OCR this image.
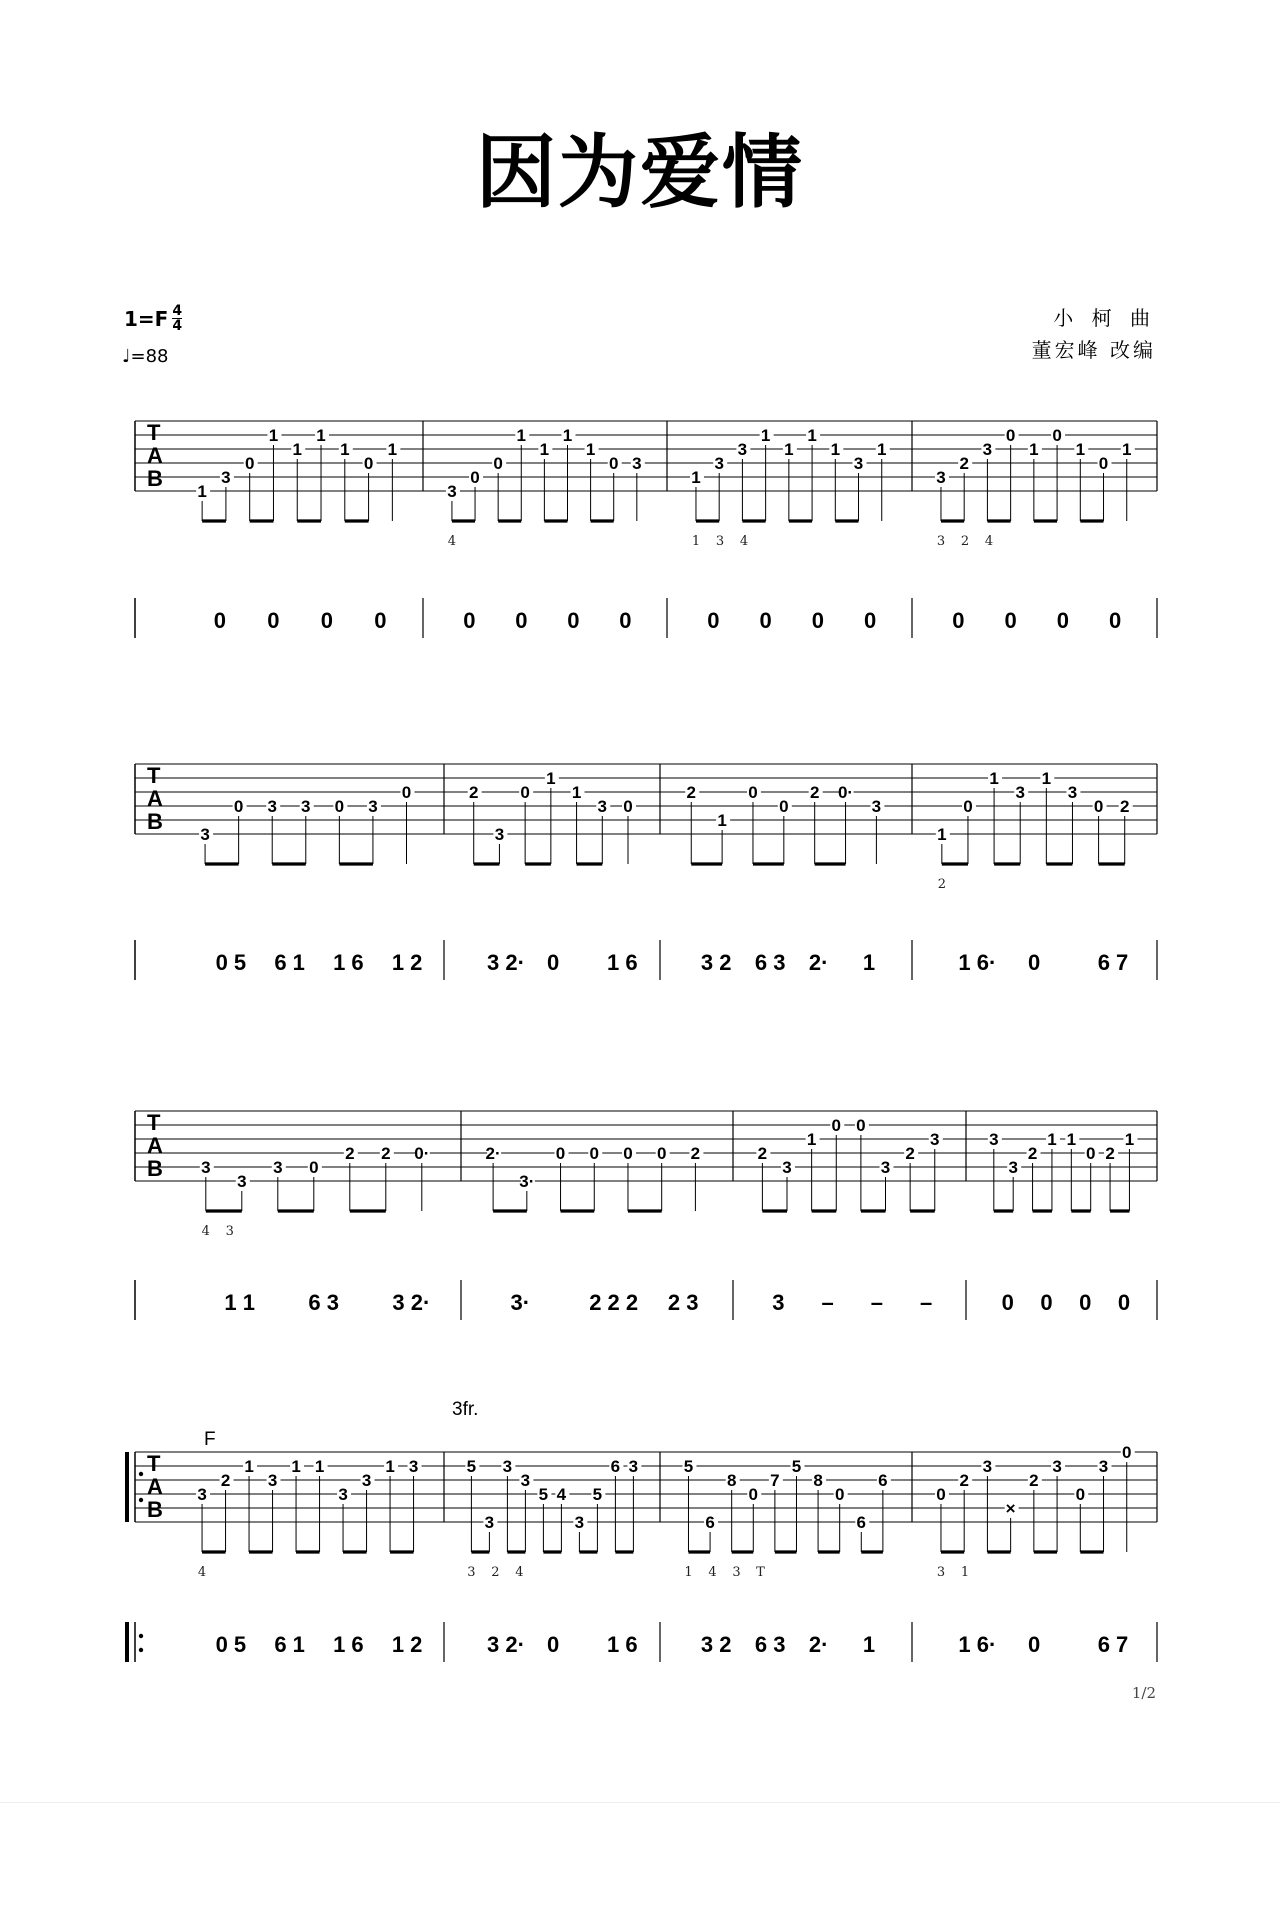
因为爱情
$1=F \frac{4}{4}$
♩=88
小 柯 曲
董宏峰 改编
T
A
B
1
3
0
1
1
1
1
0
1
0 0 0 0
3
0
0
1
1
1
1
0 3
4
0 0 0 0
1
3
3
1
1
1
1
3
1
1 3 4
0 0 0 0
3
2
3
0
1
0
1
0
1
3 2 4
0 0 0 0
T
A
B
3
0 3 3 0 3
0
0 5 6 1 1 6 1 2
2
3
0
1
1
3 0
3 2· 0 1 6
2
1
0
0
2 0·
3
3 2 6 3 2· 1
1
0
1
3
1
3
0 2
2
1 6· 0	6 7
T
A
B 3
3
3 0
2 2 0·
4 3
1 1 6 3 3 2·
2·
3·
0 0 0 0 2
3·	2 2 2 2 3
2
3
1
0 0
3
2
3
3 – – –
3
3
2
1 1
0 2
1
0 0 0 0
T
A
B
3
2
1
3
1 1
3
3
1 3
4
0 5 6 1 1 6 1 2
5
3
3
3
5 4
3
5
6 3
3 2 4
3 2· 0 1 6
5
6
8
0
7
5
8
0
6
6
1 4 3 T
3 2 6 3 2· 1
0
2
3
×
2
3
0
3
0
3 1
1 6· 0	6 7
F
3fr.
1/2
